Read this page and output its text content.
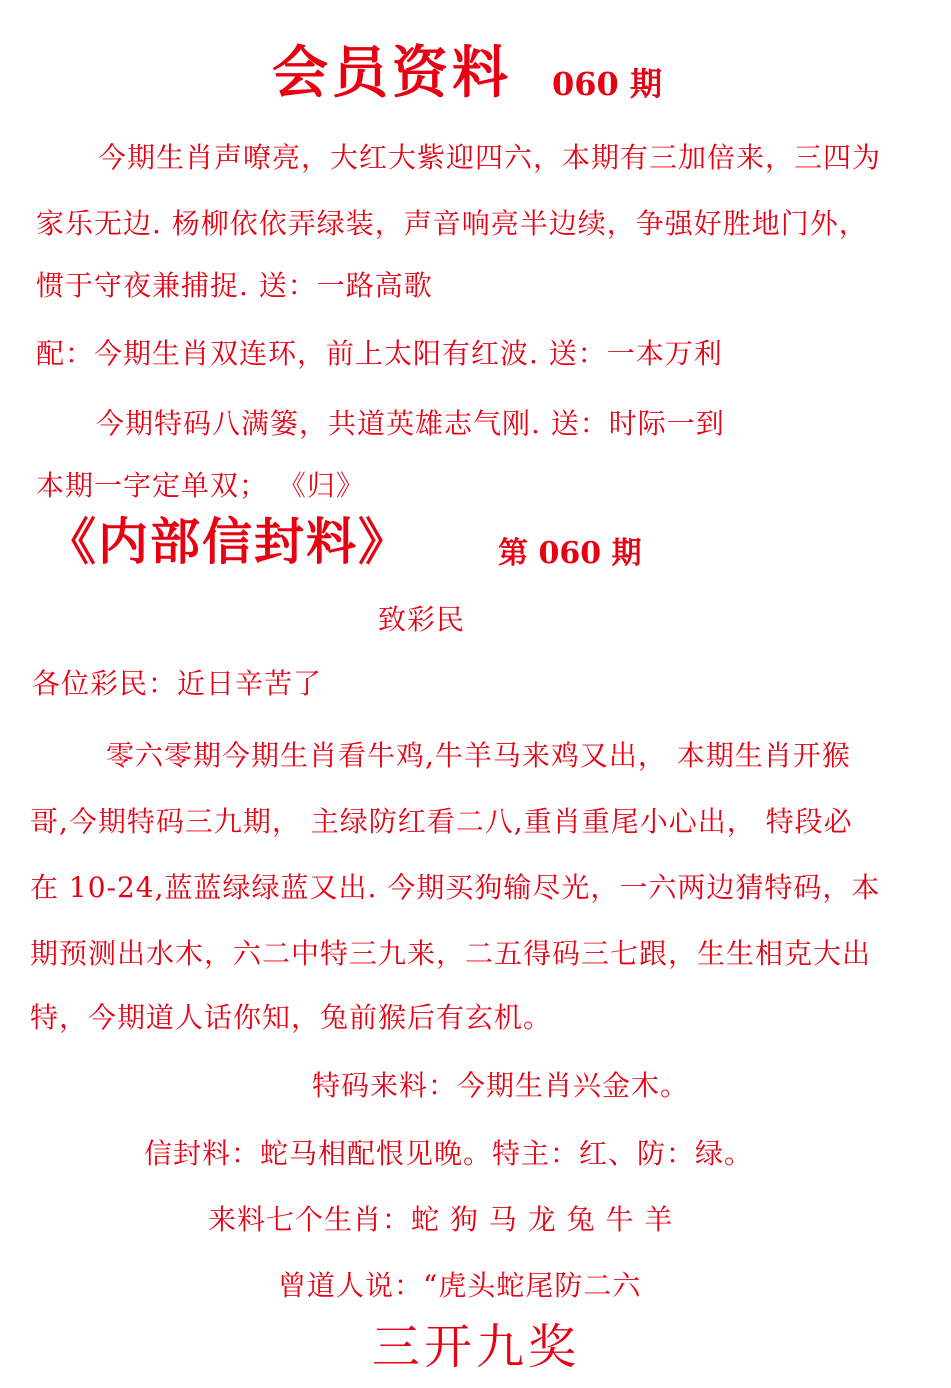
会员资料 060 期
今期生肖声嘹亮，大红大紫迎四六，本期有三加倍来，三四为
家乐无边. 杨柳依依弄绿装，声音响亮半边续，争强好胜地门外，
惯于守夜兼捕捉. 送：一路高歌
配：今期生肖双连环，前上太阳有红波. 送：一本万利
今期特码八满篓，共道英雄志气刚. 送：时际一到
本期一字定单双； 《归》
《内部信封料》	第 060 期
致彩民
各位彩民：近日辛苦了
零六零期今期生肖看牛鸡,牛羊马来鸡又出， 本期生肖开猴
哥,今期特码三九期， 主绿防红看二八,重肖重尾小心出， 特段必
在 10-24,蓝蓝绿绿蓝又出. 今期买狗输尽光，一六两边猜特码，本
期预测出水木，六二中特三九来，二五得码三七跟，生生相克大出
特，今期道人话你知，兔前猴后有玄机。
特码来料：今期生肖兴金木。
信封料：蛇马相配恨见晚。特主：红、防：绿。
来料七个生肖：蛇 狗 马 龙 兔 牛 羊
曾道人说：“虎头蛇尾防二六
三开九奖
